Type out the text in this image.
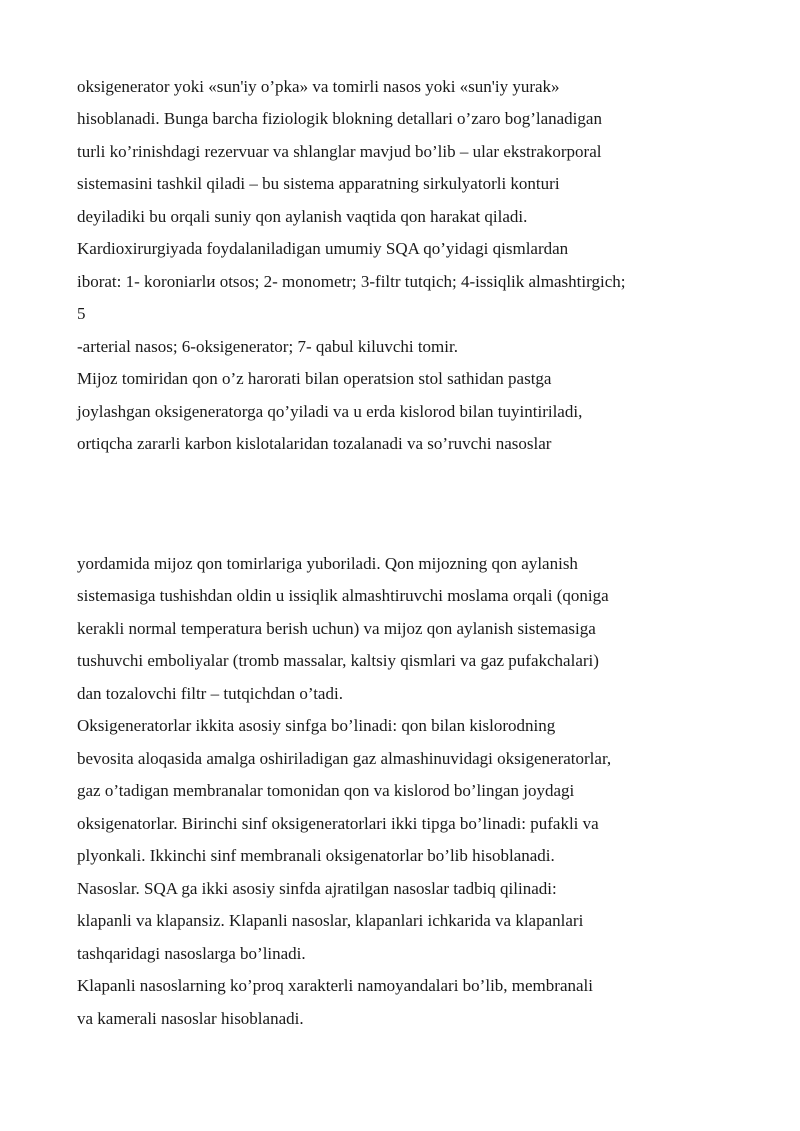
oksigenerator yoki «sun'iy o’pka» va tomirli nasos yoki «sun'iy yurak»

hisoblanadi. Bunga barcha fiziologik blokning detallari o’zaro bog’lanadigan

turli ko’rinishdagi rezervuar va shlanglar mavjud bo’lib – ular ekstrakorporal

sistemasini tashkil qiladi – bu sistema apparatning sirkulyatorli konturi

deyiladiki bu orqali suniy qon aylanish vaqtida qon harakat qiladi.

Kardioxirurgiyada foydalaniladigan umumiy SQA qo’yidagi qismlardan

iborat: 1- koroniarlи otsos; 2- monometr; 3-filtr tutqich; 4-issiqlik almashtirgich;

5

-arterial nasos; 6-oksigenerator; 7- qabul kiluvchi tomir.

Mijoz tomiridan qon o’z harorati bilan operatsion stol sathidan pastga

joylashgan oksigeneratorga qo’yiladi va u erda kislorod bilan tuyintiriladi,

ortiqcha zararli karbon kislotalaridan tozalanadi va so’ruvchi nasoslar

yordamida mijoz qon tomirlariga yuboriladi. Qon mijozning qon aylanish

sistemasiga tushishdan oldin u issiqlik almashtiruvchi moslama orqali (qoniga

kerakli normal temperatura berish uchun) va mijoz qon aylanish sistemasiga

tushuvchi emboliyalar (tromb massalar, kaltsiy qismlari va gaz pufakchalari)

dan tozalovchi filtr – tutqichdan o’tadi.

Oksigeneratorlar ikkita asosiy sinfga bo’linadi: qon bilan kislorodning

bevosita aloqasida amalga oshiriladigan gaz almashinuvidagi oksigeneratorlar,

gaz o’tadigan membranalar tomonidan qon va kislorod bo’lingan joydagi

oksigenatorlar. Birinchi sinf oksigeneratorlari ikki tipga bo’linadi: pufakli va

plyonkali. Ikkinchi sinf membranali oksigenatorlar bo’lib hisoblanadi.

Nasoslar. SQA ga ikki asosiy sinfda ajratilgan nasoslar tadbiq qilinadi:

klapanli va klapansiz. Klapanli nasoslar, klapanlari ichkarida va klapanlari

tashqaridagi nasoslarga bo’linadi.

Klapanli nasoslarning ko’proq xarakterli namoyandalari bo’lib, membranali

va kamerali nasoslar hisoblanadi.
